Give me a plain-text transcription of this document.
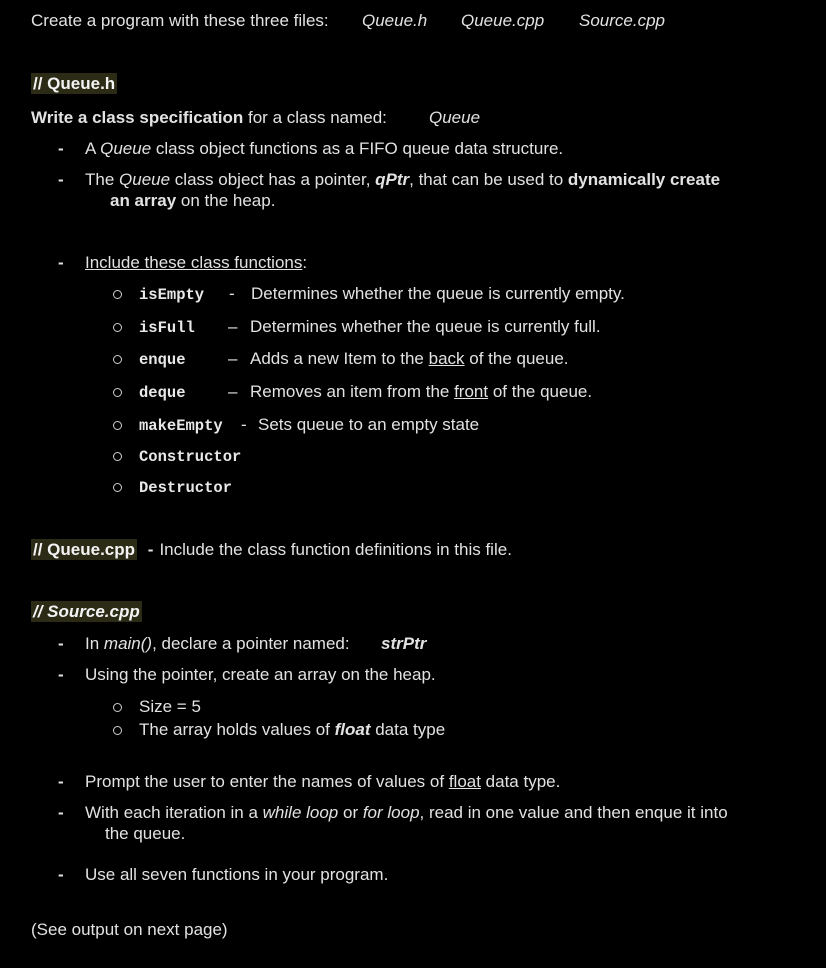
Create a program with these three files: Queue.h Queue.cpp Source.cpp
// Queue.h
Write a class specification for a class named: Queue
- A Queue class object functions as a FIFO queue data structure.
- The Queue class object has a pointer, qPtr, that can be used to dynamically create
an array on the heap.
- Include these class functions:
isEmpty - Determines whether the queue is currently empty.
isFull – Determines whether the queue is currently full.
enque – Adds a new Item to the back of the queue.
deque – Removes an item from the front of the queue.
makeEmpty - Sets queue to an empty state
Constructor
Destructor
// Queue.cpp - Include the class function definitions in this file.
// Source.cpp
- In main(), declare a pointer named: strPtr
- Using the pointer, create an array on the heap.
Size = 5
The array holds values of float data type
- Prompt the user to enter the names of values of float data type.
- With each iteration in a while loop or for loop, read in one value and then enque it into
the queue.
- Use all seven functions in your program.
(See output on next page)
